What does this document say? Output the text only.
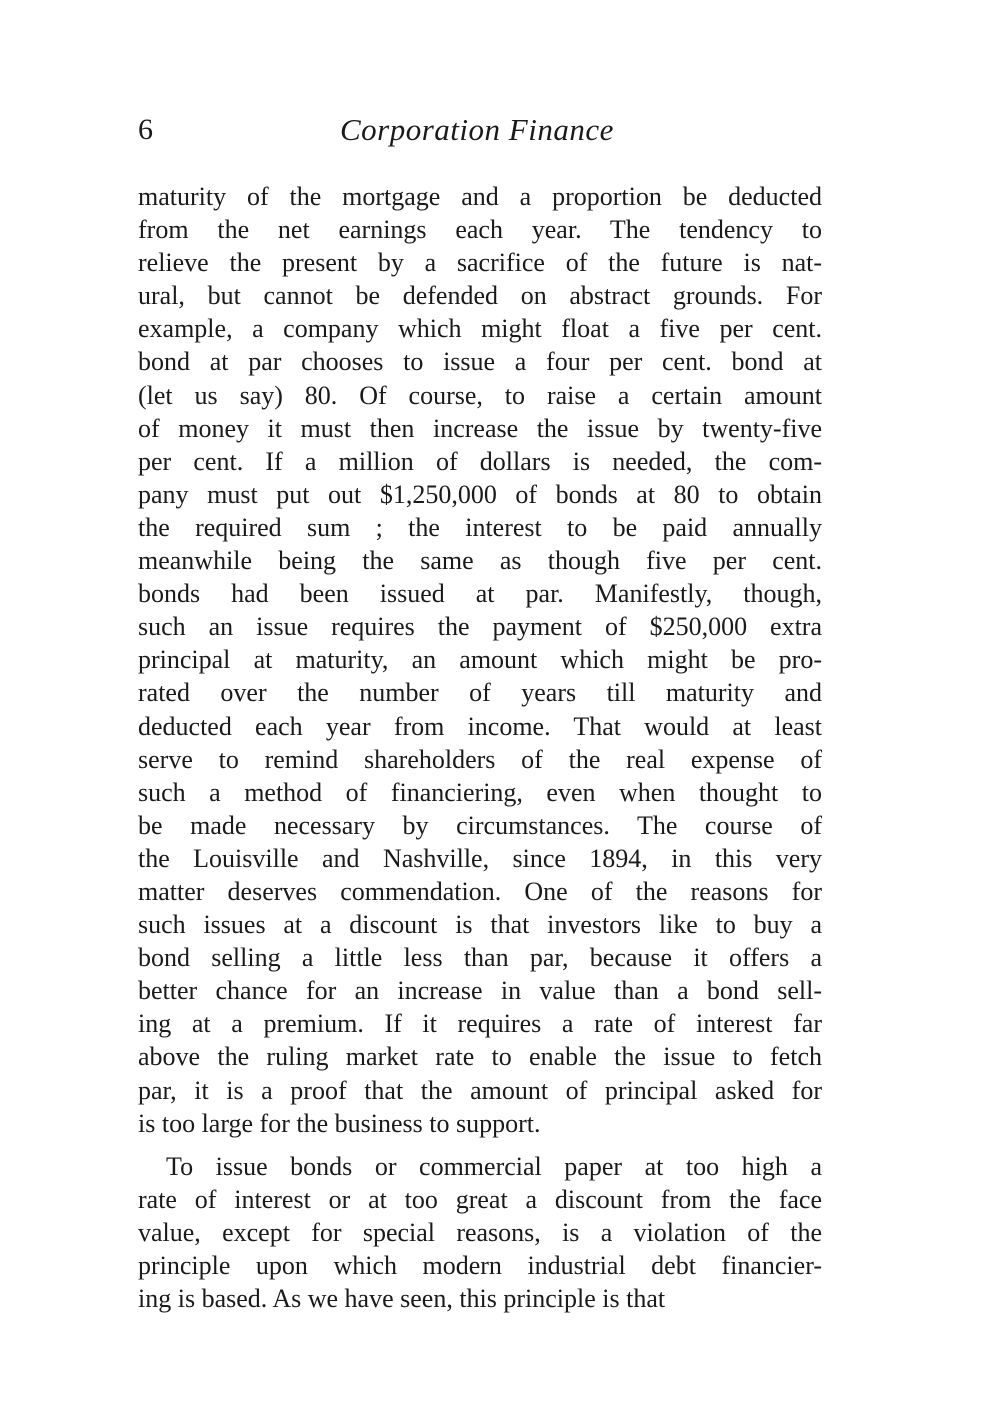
6	Corporation Finance
maturity of the mortgage and a proportion be deducted
from the net earnings each year. The tendency to
relieve the present by a sacrifice of the future is nat-
ural, but cannot be defended on abstract grounds. For
example, a company which might float a five per cent.
bond at par chooses to issue a four per cent. bond at
(let us say) 80. Of course, to raise a certain amount
of money it must then increase the issue by twenty-five
per cent. If a million of dollars is needed, the com-
pany must put out $1,250,000 of bonds at 80 to obtain
the required sum ; the interest to be paid annually
meanwhile being the same as though five per cent.
bonds had been issued at par. Manifestly, though,
such an issue requires the payment of $250,000 extra
principal at maturity, an amount which might be pro-
rated over the number of years till maturity and
deducted each year from income. That would at least
serve to remind shareholders of the real expense of
such a method of financiering, even when thought to
be made necessary by circumstances. The course of
the Louisville and Nashville, since 1894, in this very
matter deserves commendation. One of the reasons for
such issues at a discount is that investors like to buy a
bond selling a little less than par, because it offers a
better chance for an increase in value than a bond sell-
ing at a premium. If it requires a rate of interest far
above the ruling market rate to enable the issue to fetch
par, it is a proof that the amount of principal asked for
is too large for the business to support.
To issue bonds or commercial paper at too high a
rate of interest or at too great a discount from the face
value, except for special reasons, is a violation of the
principle upon which modern industrial debt financier-
ing is based. As we have seen, this principle is that
